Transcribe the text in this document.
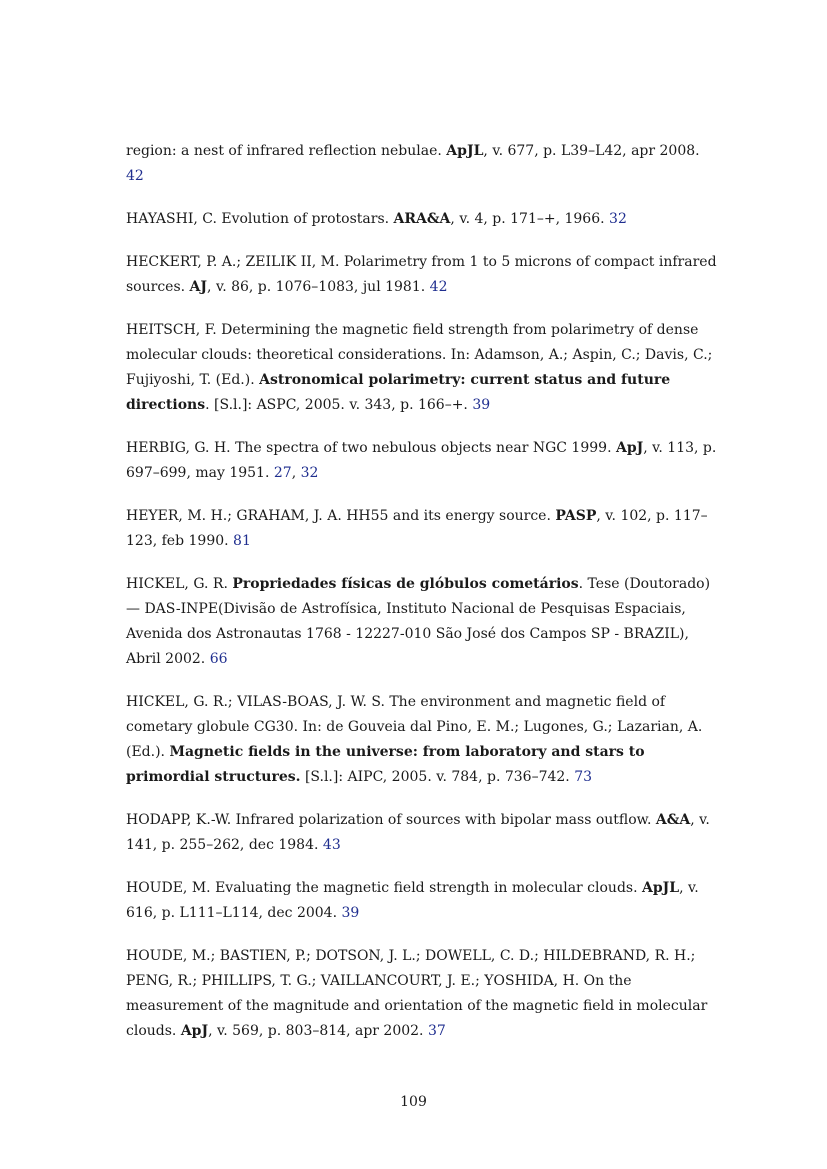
region: a nest of infrared reflection nebulae. ApJL, v. 677, p. L39–L42, apr 2008. 42

HAYASHI, C. Evolution of protostars. ARA&A, v. 4, p. 171–+, 1966. 32

HECKERT, P. A.; ZEILIK II, M. Polarimetry from 1 to 5 microns of compact infrared sources. AJ, v. 86, p. 1076–1083, jul 1981. 42

HEITSCH, F. Determining the magnetic field strength from polarimetry of dense molecular clouds: theoretical considerations. In: Adamson, A.; Aspin, C.; Davis, C.; Fujiyoshi, T. (Ed.). Astronomical polarimetry: current status and future directions. [S.l.]: ASPC, 2005. v. 343, p. 166–+. 39

HERBIG, G. H. The spectra of two nebulous objects near NGC 1999. ApJ, v. 113, p. 697–699, may 1951. 27, 32

HEYER, M. H.; GRAHAM, J. A. HH55 and its energy source. PASP, v. 102, p. 117–123, feb 1990. 81

HICKEL, G. R. Propriedades físicas de glóbulos cometários. Tese (Doutorado) — DAS-INPE(Divisão de Astrofísica, Instituto Nacional de Pesquisas Espaciais, Avenida dos Astronautas 1768 - 12227-010 São José dos Campos SP - BRAZIL), Abril 2002. 66

HICKEL, G. R.; VILAS-BOAS, J. W. S. The environment and magnetic field of cometary globule CG30. In: de Gouveia dal Pino, E. M.; Lugones, G.; Lazarian, A. (Ed.). Magnetic fields in the universe: from laboratory and stars to primordial structures. [S.l.]: AIPC, 2005. v. 784, p. 736–742. 73

HODAPP, K.-W. Infrared polarization of sources with bipolar mass outflow. A&A, v. 141, p. 255–262, dec 1984. 43

HOUDE, M. Evaluating the magnetic field strength in molecular clouds. ApJL, v. 616, p. L111–L114, dec 2004. 39

HOUDE, M.; BASTIEN, P.; DOTSON, J. L.; DOWELL, C. D.; HILDEBRAND, R. H.; PENG, R.; PHILLIPS, T. G.; VAILLANCOURT, J. E.; YOSHIDA, H. On the measurement of the magnitude and orientation of the magnetic field in molecular clouds. ApJ, v. 569, p. 803–814, apr 2002. 37

109
